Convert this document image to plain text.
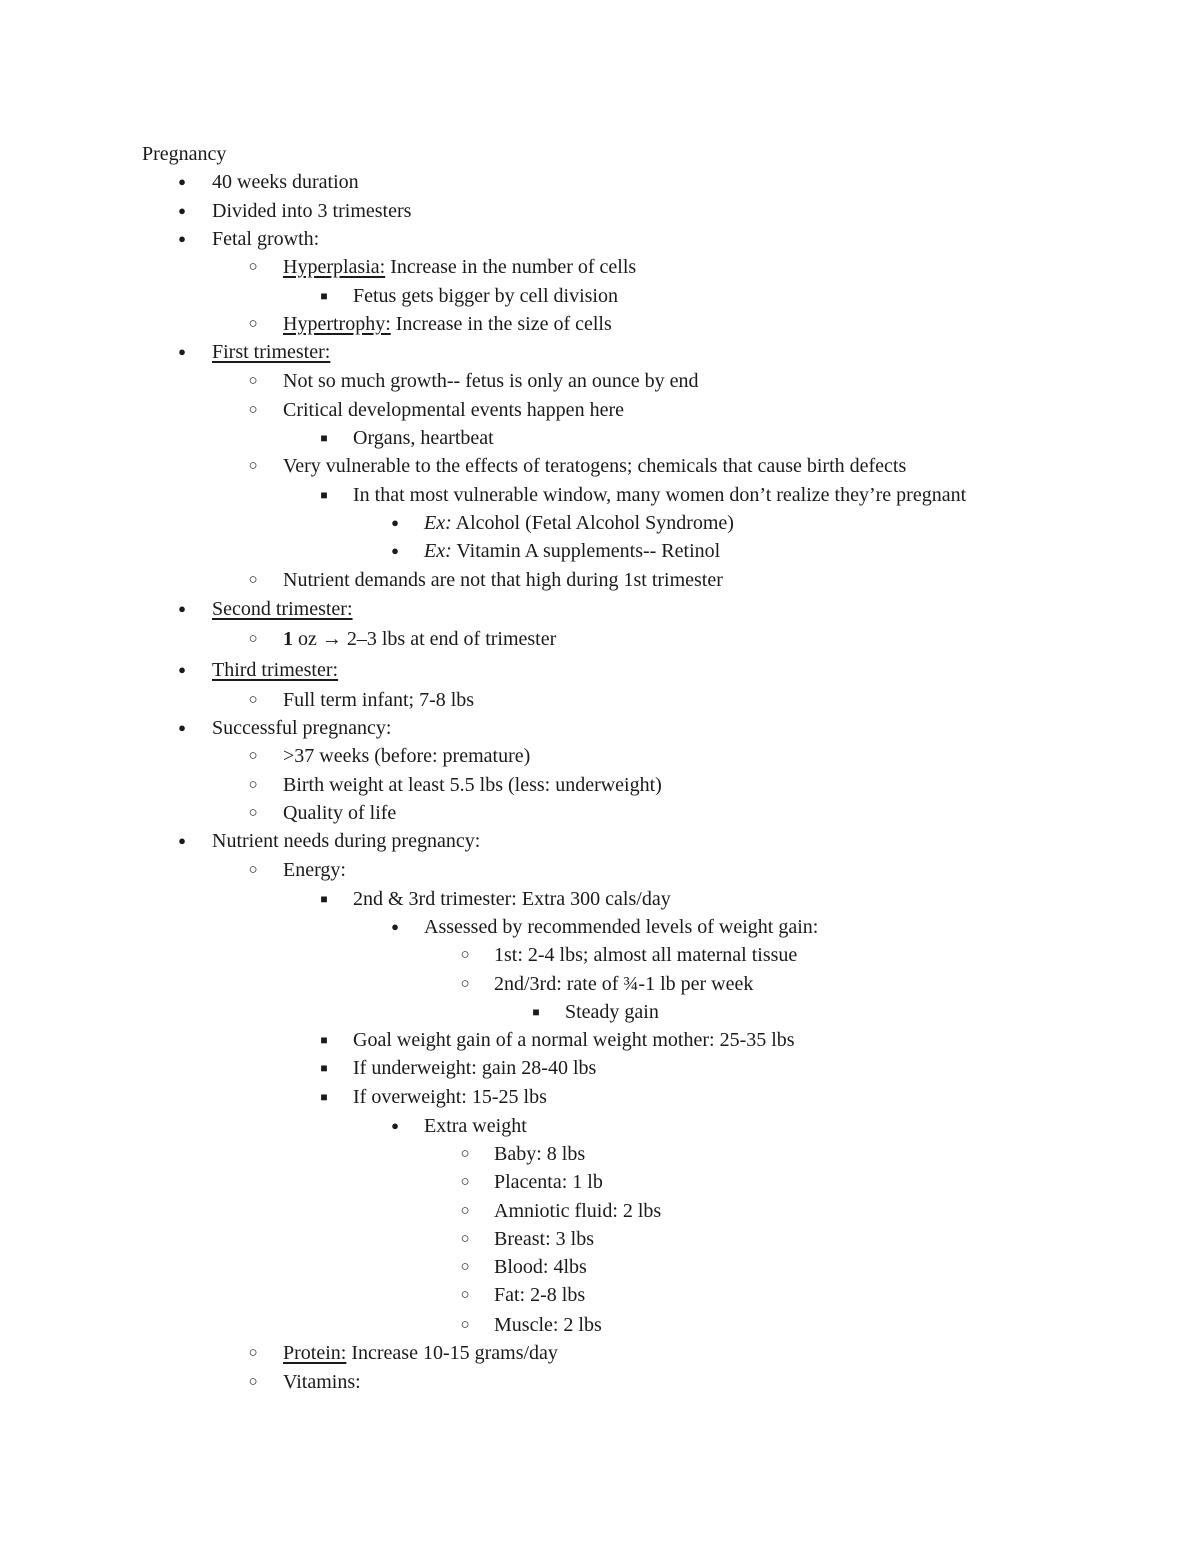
Pregnancy
●
40 weeks duration
●
Divided into 3 trimesters
●
Fetal growth:
○
Hyperplasia: Increase in the number of cells
■
Fetus gets bigger by cell division
○
Hypertrophy: Increase in the size of cells
●
First trimester:
○
Not so much growth-- fetus is only an ounce by end
○
Critical developmental events happen here
■
Organs, heartbeat
○
Very vulnerable to the effects of teratogens; chemicals that cause birth defects
■
In that most vulnerable window, many women don’t realize they’re pregnant
●
Ex: Alcohol (Fetal Alcohol Syndrome)
●
Ex: Vitamin A supplements-- Retinol
○
Nutrient demands are not that high during 1st trimester
●
Second trimester:
○
1 oz → 2–3 lbs at end of trimester
●
Third trimester:
○
Full term infant; 7-8 lbs
●
Successful pregnancy:
○
>37 weeks (before: premature)
○
Birth weight at least 5.5 lbs (less: underweight)
○
Quality of life
●
Nutrient needs during pregnancy:
○
Energy:
■
2nd & 3rd trimester: Extra 300 cals/day
●
Assessed by recommended levels of weight gain:
○
1st: 2-4 lbs; almost all maternal tissue
○
2nd/3rd: rate of ¾-1 lb per week
■
Steady gain
■
Goal weight gain of a normal weight mother: 25-35 lbs
■
If underweight: gain 28-40 lbs
■
If overweight: 15-25 lbs
●
Extra weight
○
Baby: 8 lbs
○
Placenta: 1 lb
○
Amniotic fluid: 2 lbs
○
Breast: 3 lbs
○
Blood: 4lbs
○
Fat: 2-8 lbs
○
Muscle: 2 lbs
○
Protein: Increase 10-15 grams/day
○
Vitamins:
